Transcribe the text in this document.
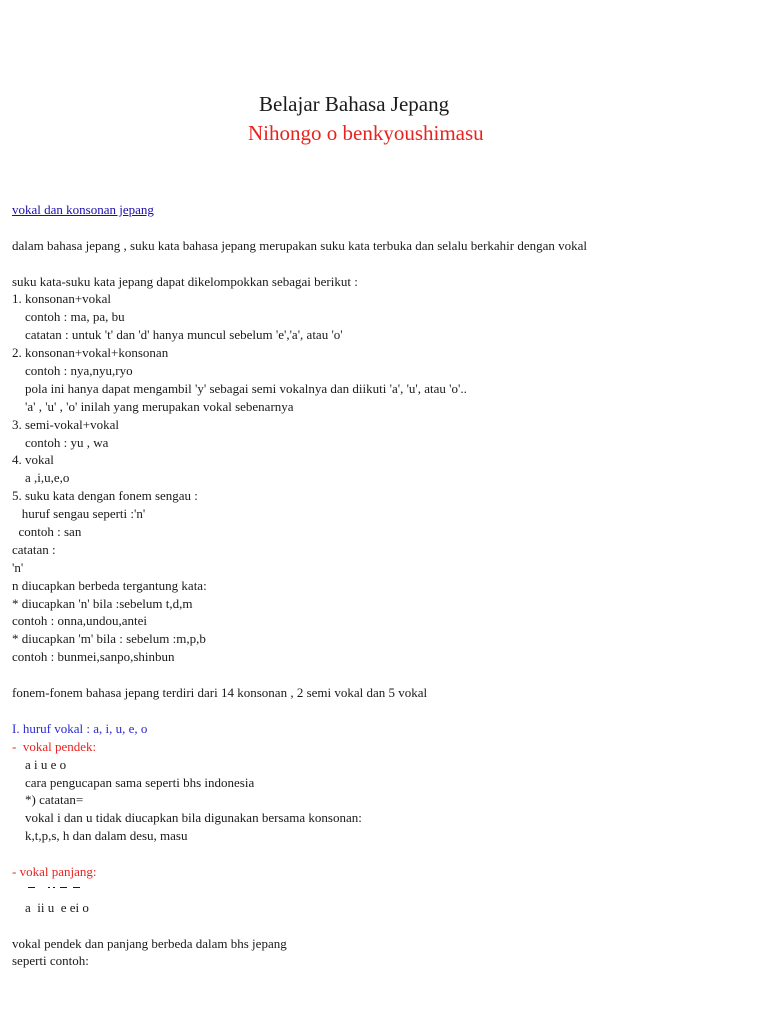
Belajar Bahasa Jepang
Nihongo o benkyoushimasu
vokal dan konsonan jepang
dalam bahasa jepang , suku kata bahasa jepang merupakan suku kata terbuka dan selalu berkahir dengan vokal
suku kata-suku kata jepang dapat dikelompokkan sebagai berikut :
1. konsonan+vokal
contoh : ma, pa, bu
catatan : untuk 't' dan 'd' hanya muncul sebelum 'e','a', atau 'o'
2. konsonan+vokal+konsonan
contoh : nya,nyu,ryo
pola ini hanya dapat mengambil 'y' sebagai semi vokalnya dan diikuti 'a', 'u', atau 'o'..
'a' , 'u' , 'o' inilah yang merupakan vokal sebenarnya
3. semi-vokal+vokal
contoh : yu , wa
4. vokal
a ,i,u,e,o
5. suku kata dengan fonem sengau :
huruf sengau seperti :'n'
contoh : san
catatan :
'n'
n diucapkan berbeda tergantung kata:
* diucapkan 'n' bila :sebelum t,d,m
contoh : onna,undou,antei
* diucapkan 'm' bila : sebelum :m,p,b
contoh : bunmei,sanpo,shinbun
fonem-fonem bahasa jepang terdiri dari 14 konsonan , 2 semi vokal dan 5 vokal
I. huruf vokal : a, i, u, e, o
-  vokal pendek:
a i u e o
cara pengucapan sama seperti bhs indonesia
*) catatan=
vokal i dan u tidak diucapkan bila digunakan bersama konsonan:
k,t,p,s, h dan dalam desu, masu
- vokal panjang:
a  ii u  e ei o
vokal pendek dan panjang berbeda dalam bhs jepang
seperti contoh:
